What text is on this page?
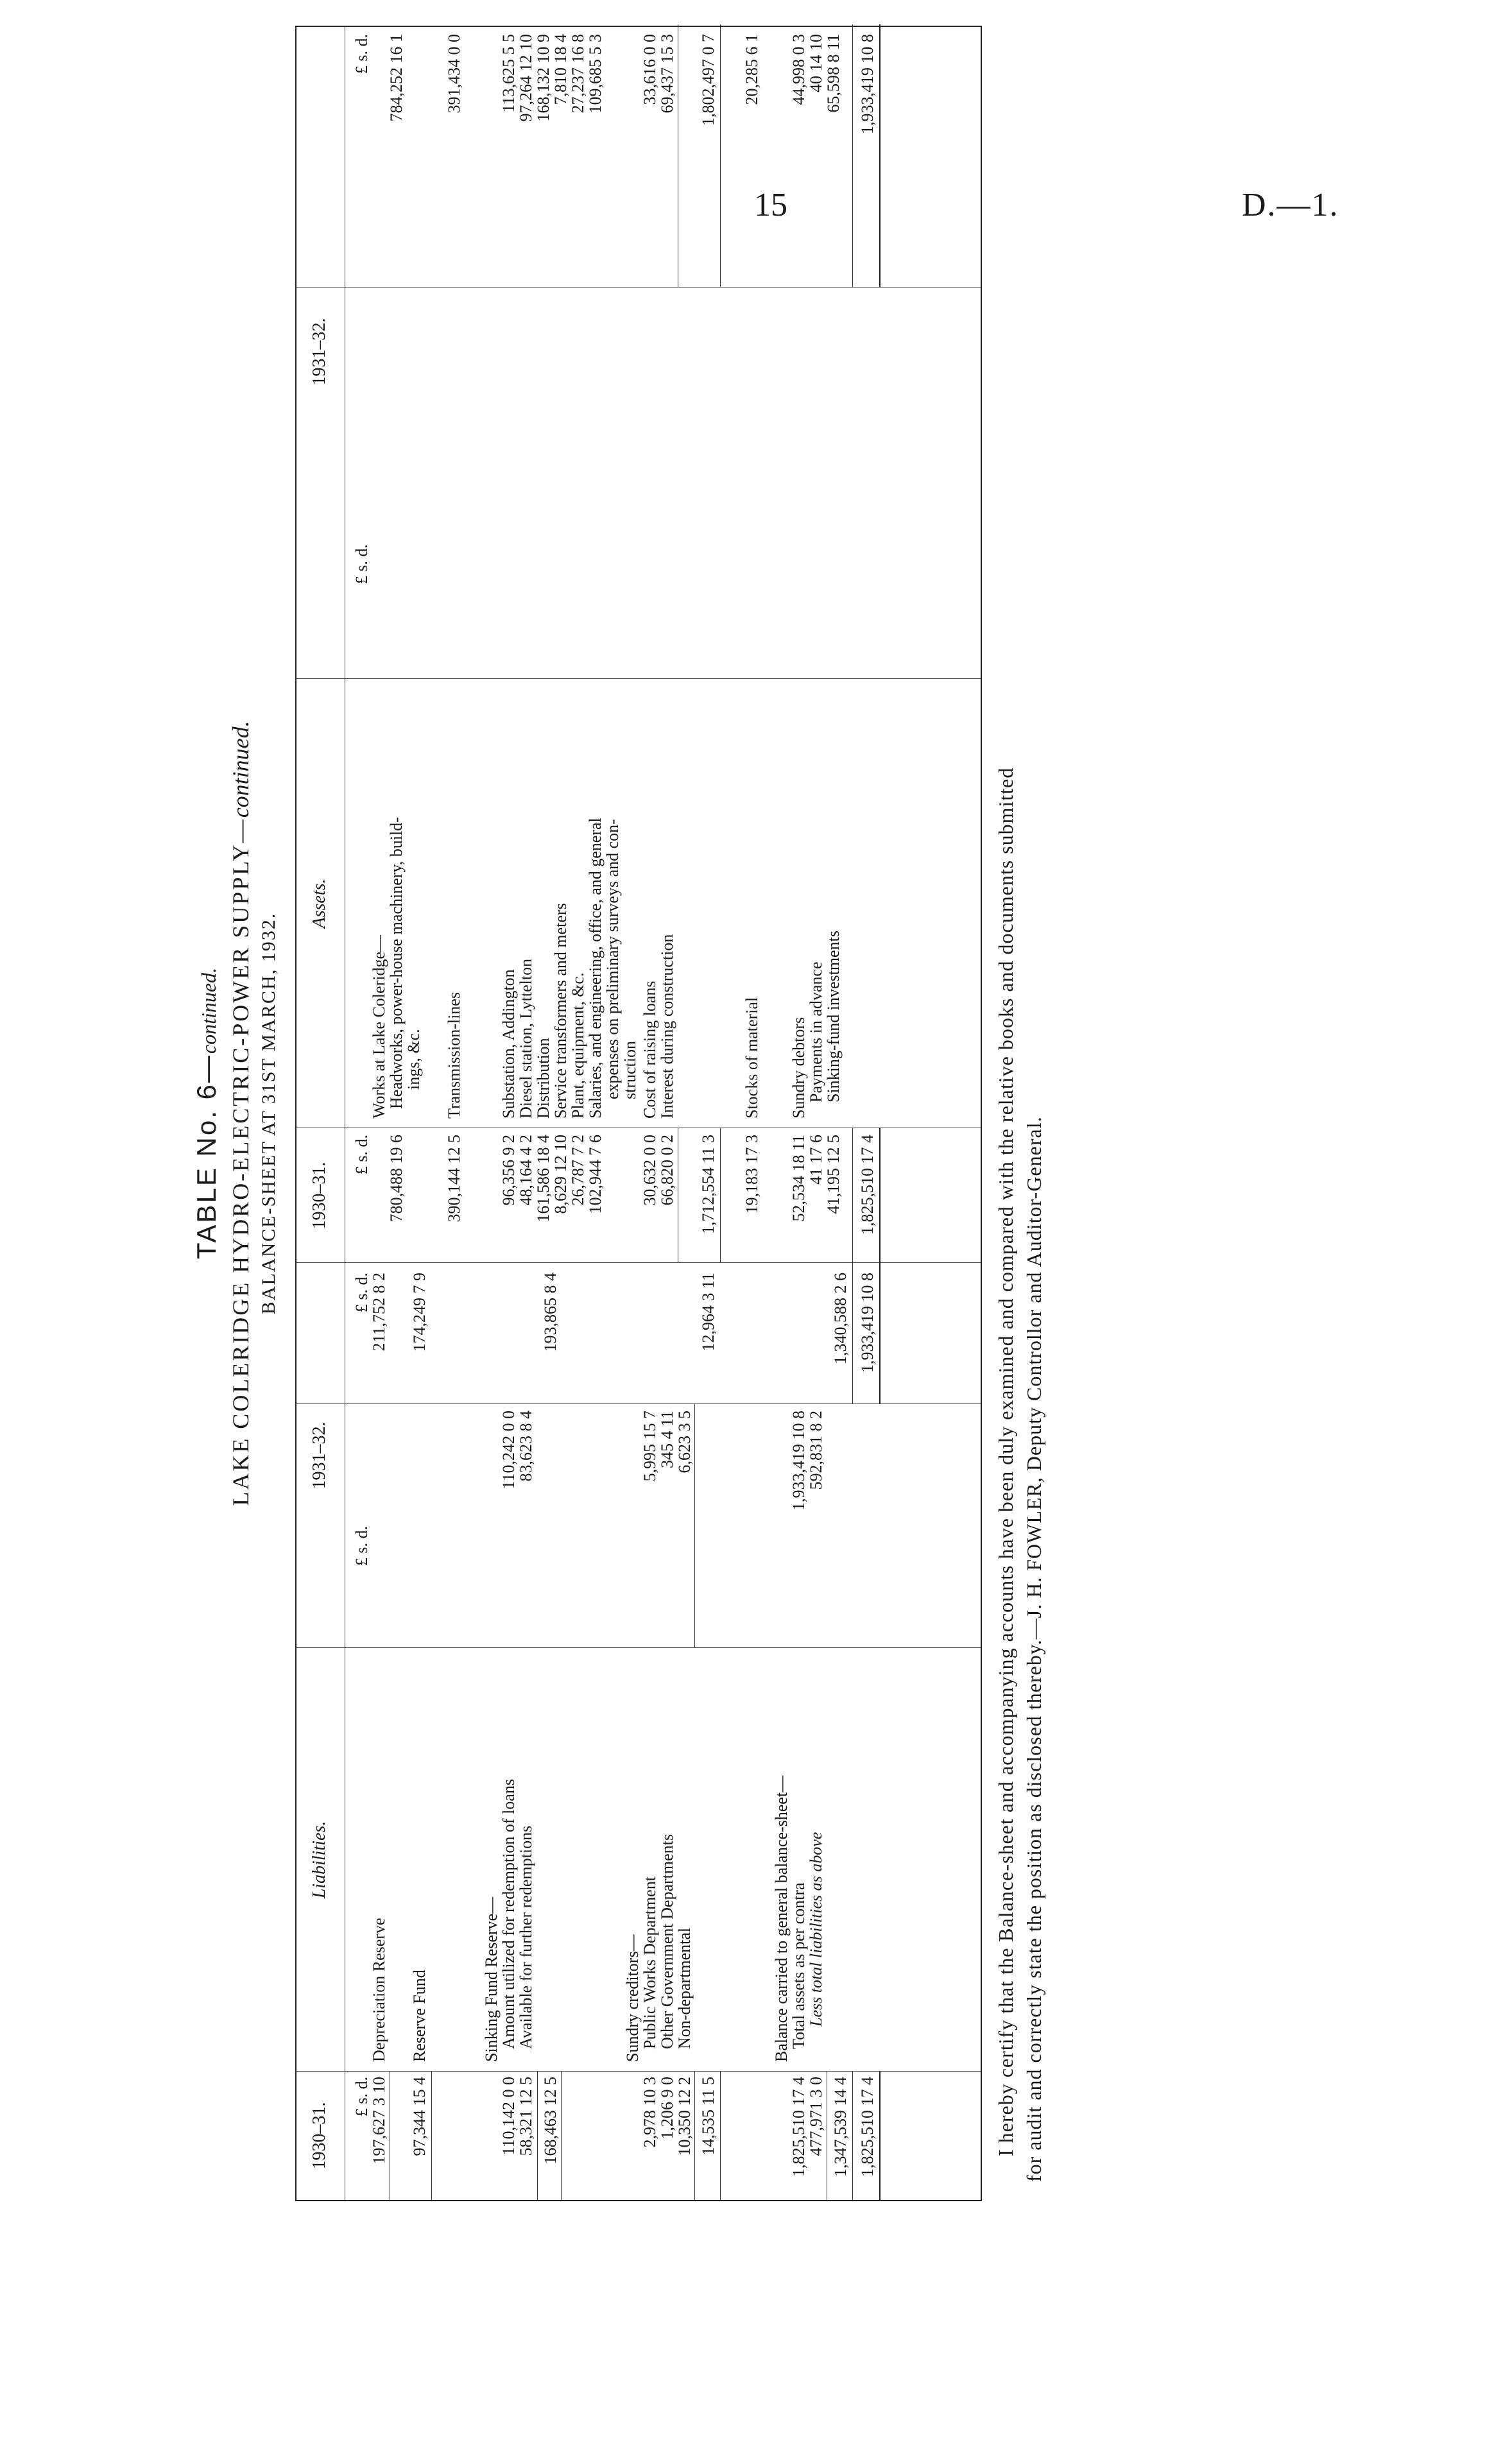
15	D.—1.
TABLE No. 6—continued. LAKE COLERIDGE HYDRO-ELECTRIC-POWER SUPPLY—continued.
BALANCE-SHEET AT 31ST MARCH, 1932.
1930–31.
Liabilities.
1931–32.
1930–31.
Assets.
1931–32.
£ s. d.
£ s. d.
£ s. d.
£ s. d.
£ s. d.
£ s. d.
Depreciation Reserve
197,627 3 10
211,752 8 2
Reserve Fund
97,344 15 4
174,249 7 9
Sinking Fund Reserve—
Amount utilized for redemption of loans
110,142 0 0
110,242 0 0
Available for further redemptions
58,321 12 5
83,623 8 4
168,463 12 5
193,865 8 4
Sundry creditors—
Public Works Department
2,978 10 3
5,995 15 7
Other Government Departments
1,206 9 0
345 4 11
Non-departmental
10,350 12 2
6,623 3 5
14,535 11 5
12,964 3 11
Balance carried to general balance-sheet—
Total assets as per contra
1,825,510 17 4
1,933,419 10 8
Less total liabilities as above
477,971 3 0
592,831 8 2
1,347,539 14 4
1,340,588 2 6
1,825,510 17 4
1,933,419 10 8
Works at Lake Coleridge—
Headworks, power-house machinery, build-
ings, &c.
780,488 19 6
784,252 16 1
Transmission-lines
390,144 12 5
391,434 0 0
Substation, Addington
96,356 9 2
113,625 5 5
Diesel station, Lyttelton
48,164 4 2
97,264 12 10
Distribution
161,586 18 4
168,132 10 9
Service transformers and meters
8,629 12 10
7,810 18 4
Plant, equipment, &c.
26,787 7 2
27,237 16 8
Salaries, and engineering, office, and general
expenses on preliminary surveys and con-
struction
102,944 7 6
109,685 5 3
Cost of raising loans
30,632 0 0
33,616 0 0
Interest during construction
66,820 0 2
69,437 15 3
1,712,554 11 3
1,802,497 0 7
Stocks of material
19,183 17 3
20,285 6 1
Sundry debtors
52,534 18 11
44,998 0 3
Payments in advance
41 17 6
40 14 10
Sinking-fund investments
41,195 12 5
65,598 8 11
1,825,510 17 4
1,933,419 10 8
I hereby certify that the Balance-sheet and accompanying accounts have been duly examined and compared with the relative books and documents submitted for audit and correctly state the position as disclosed thereby.—J. H. FOWLER, Deputy Controllor and Auditor-General.
